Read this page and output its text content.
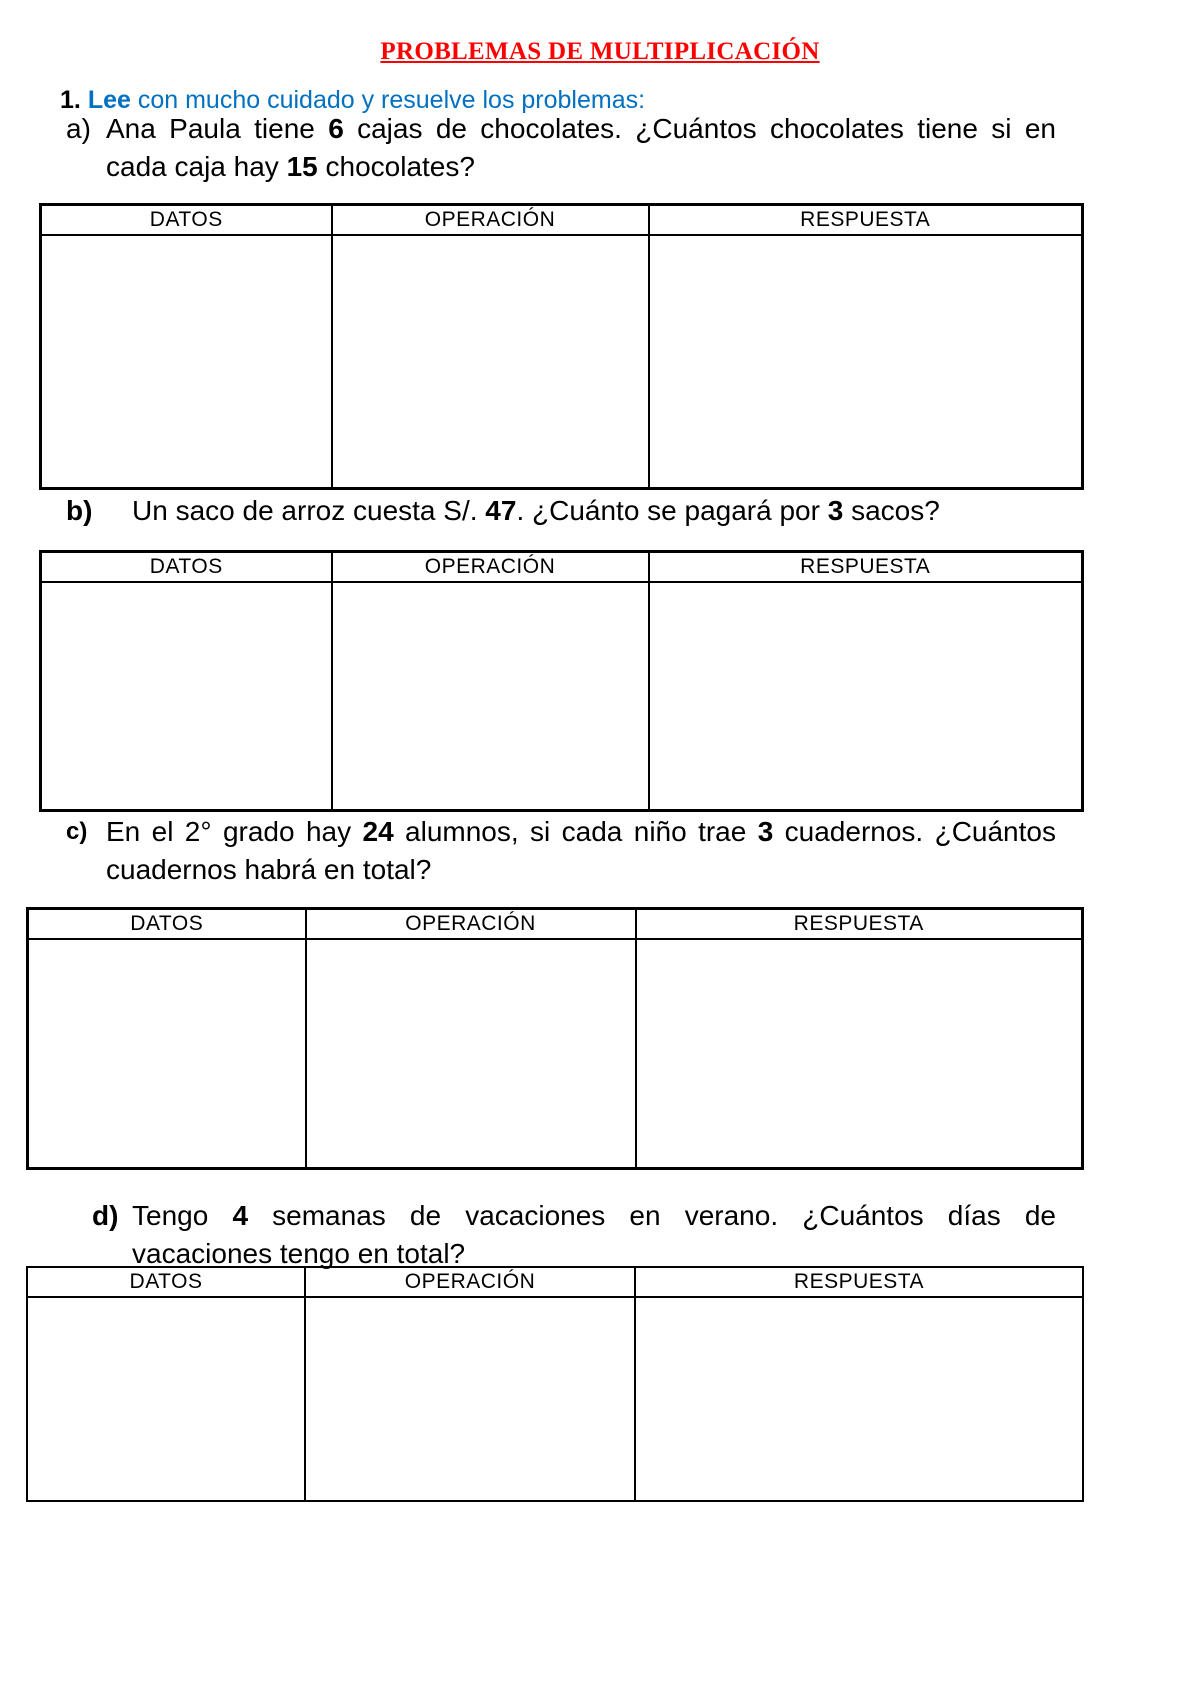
PROBLEMAS DE MULTIPLICACIÓN

1. Lee con mucho cuidado y resuelve los problemas:

a) Ana Paula tiene 6 cajas de chocolates. ¿Cuántos chocolates tiene si en cada caja hay 15 chocolates?
DATOS	OPERACIÓN	RESPUESTA

b)	Un saco de arroz cuesta S/. 47. ¿Cuánto se pagará por 3 sacos?
DATOS	OPERACIÓN	RESPUESTA

c) En el 2° grado hay 24 alumnos, si cada niño trae 3 cuadernos. ¿Cuántos cuadernos habrá en total?
DATOS	OPERACIÓN	RESPUESTA

d) Tengo 4 semanas de vacaciones en verano. ¿Cuántos días de vacaciones tengo en total?
DATOS	OPERACIÓN	RESPUESTA
